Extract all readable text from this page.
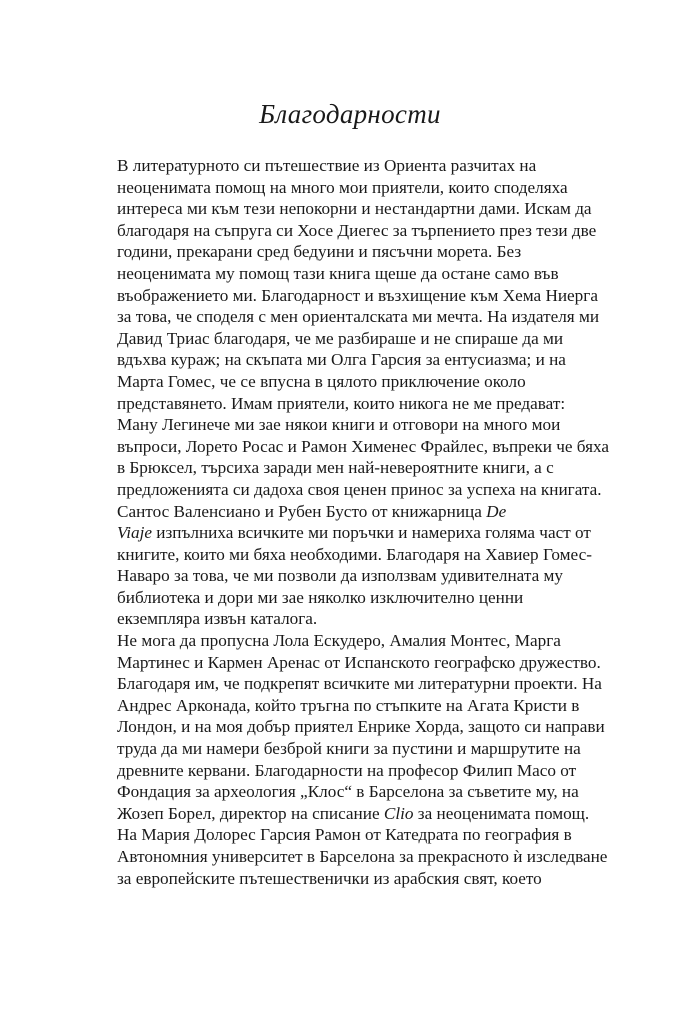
Благодарности
В литературното си пътешествие из Ориента разчитах на
неоценимата помощ на много мои приятели, които споделяха
интереса ми към тези непокорни и нестандартни дами. Искам да
благодаря на съпруга си Хосе Диегес за търпението през тези две
години, прекарани сред бедуини и пясъчни морета. Без
неоценимата му помощ тази книга щеше да остане само във
въображението ми. Благодарност и възхищение към Хема Ниерга
за това, че споделя с мен ориенталската ми мечта. На издателя ми
Давид Триас благодаря, че ме разбираше и не спираше да ми
вдъхва кураж; на скъпата ми Олга Гарсия за ентусиазма; и на
Марта Гомес, че се впусна в цялото приключение около
представянето. Имам приятели, които никога не ме предават:
Ману Легинече ми зае някои книги и отговори на много мои
въпроси, Лорето Росас и Рамон Хименес Фрайлес, въпреки че бяха
в Брюксел, търсиха заради мен най-невероятните книги, а с
предложенията си дадоха своя ценен принос за успеха на книгата.
Сантос Валенсиано и Рубен Бусто от книжарница De
Viaje изпълниха всичките ми поръчки и намериха голяма част от
книгите, които ми бяха необходими. Благодаря на Хавиер Гомес-
Наваро за това, че ми позволи да използвам удивителната му
библиотека и дори ми зае няколко изключително ценни
екземпляра извън каталога.
Не мога да пропусна Лола Ескудеро, Амалия Монтес, Марга
Мартинес и Кармен Аренас от Испанското географско дружество.
Благодаря им, че подкрепят всичките ми литературни проекти. На
Андрес Арконада, който тръгна по стъпките на Агата Кристи в
Лондон, и на моя добър приятел Енрике Хорда, защото си направи
труда да ми намери безброй книги за пустини и маршрутите на
древните кервани. Благодарности на професор Филип Масо от
Фондация за археология „Клос“ в Барселона за съветите му, на
Жозеп Борел, директор на списание Clio за неоценимата помощ.
На Мария Долорес Гарсия Рамон от Катедрата по география в
Автономния университет в Барселона за прекрасното ѝ изследване
за европейските пътешественички из арабския свят, което
